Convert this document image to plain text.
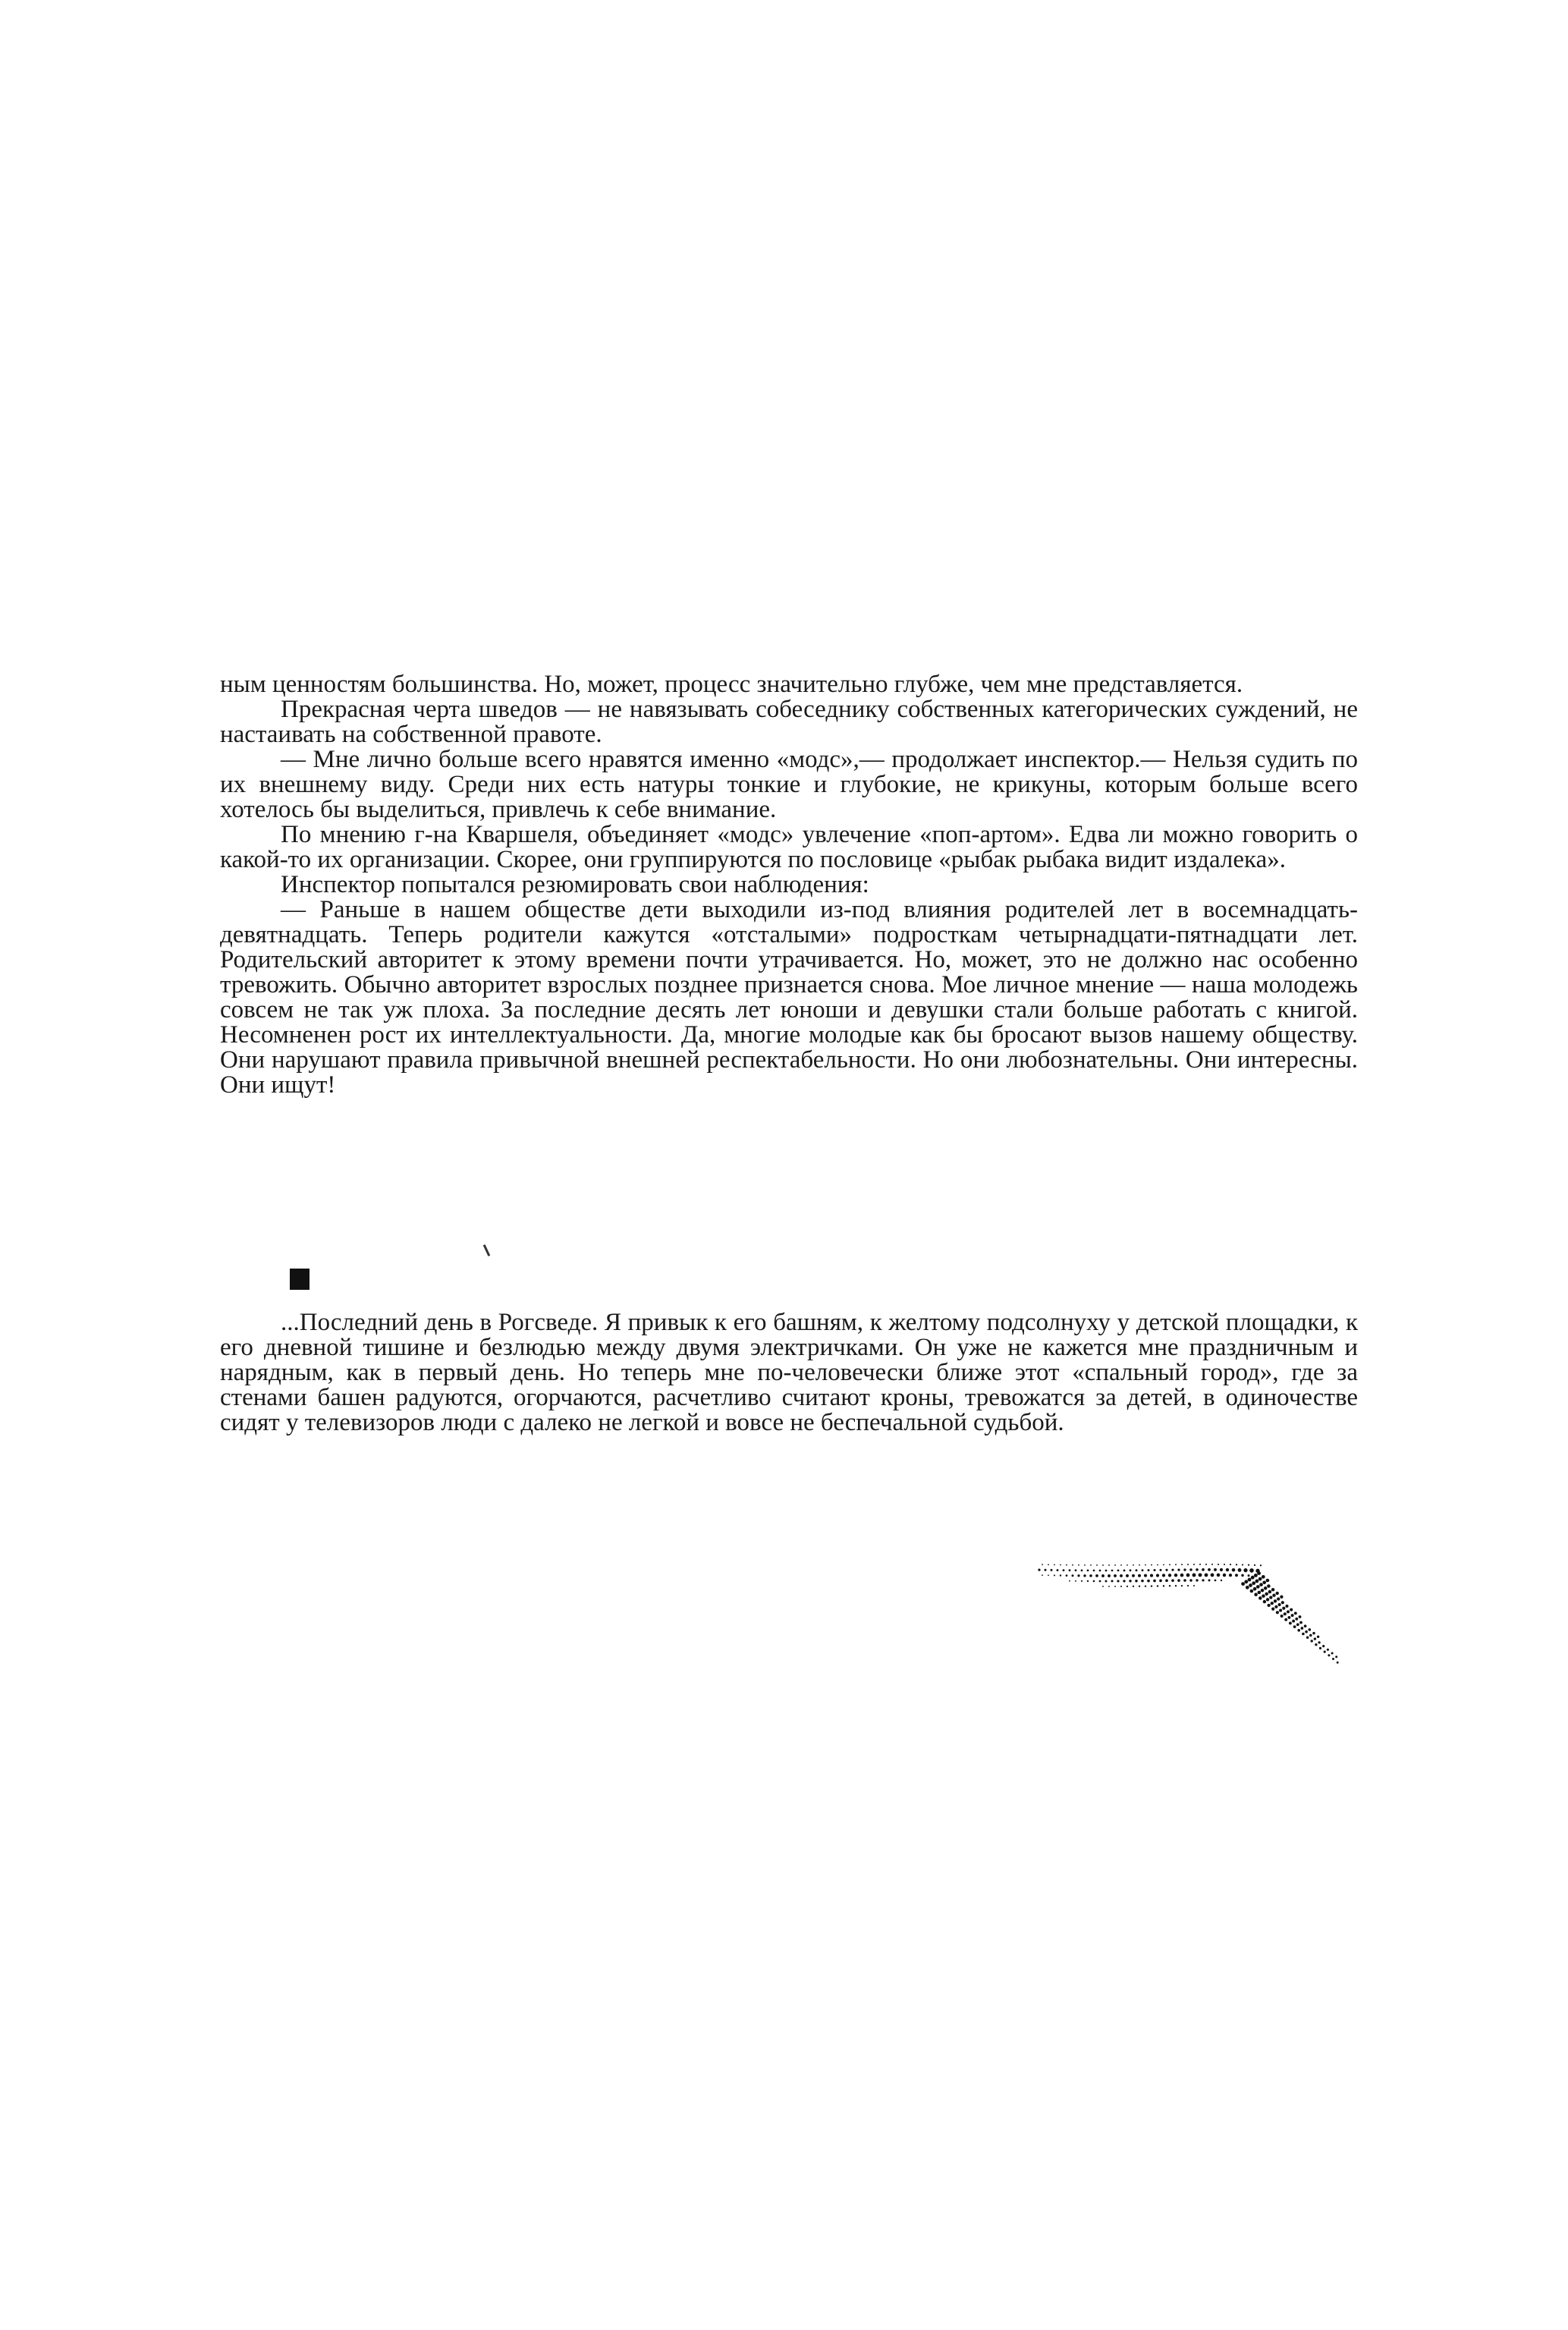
ным ценностям большинства. Но, может, процесс значительно глубже, чем мне представляется.

Прекрасная черта шведов — не навязывать собеседнику собственных категорических суждений, не настаивать на собственной правоте.

— Мне лично больше всего нравятся именно «модс»,— продолжает инспектор.— Нельзя судить по их внешнему виду. Среди них есть натуры тонкие и глубокие, не крикуны, которым больше всего хотелось бы выделиться, привлечь к себе внимание.

По мнению г-на Кваршеля, объединяет «модс» увлечение «поп-артом». Едва ли можно говорить о какой-то их организации. Скорее, они группируются по пословице «рыбак рыбака видит издалека».

Инспектор попытался резюмировать свои наблюдения:

— Раньше в нашем обществе дети выходили из-под влияния родителей лет в восемнадцать-девятнадцать. Теперь родители кажутся «отсталыми» подросткам четырнадцати-пятнадцати лет. Родительский авторитет к этому времени почти утрачивается. Но, может, это не должно нас особенно тревожить. Обычно авторитет взрослых позднее признается снова. Мое личное мнение — наша молодежь совсем не так уж плоха. За последние десять лет юноши и девушки стали больше работать с книгой. Несомненен рост их интеллектуальности. Да, многие молодые как бы бросают вызов нашему обществу. Они нарушают правила привычной внешней респектабельности. Но они любознательны. Они интересны. Они ищут!

...Последний день в Рогсведе. Я привык к его башням, к желтому подсолнуху у детской площадки, к его дневной тишине и безлюдью между двумя электричками. Он уже не кажется мне праздничным и нарядным, как в первый день. Но теперь мне по-человечески ближе этот «спальный город», где за стенами башен радуются, огорчаются, расчетливо считают кроны, тревожатся за детей, в одиночестве сидят у телевизоров люди с далеко не легкой и вовсе не беспечальной судьбой.
